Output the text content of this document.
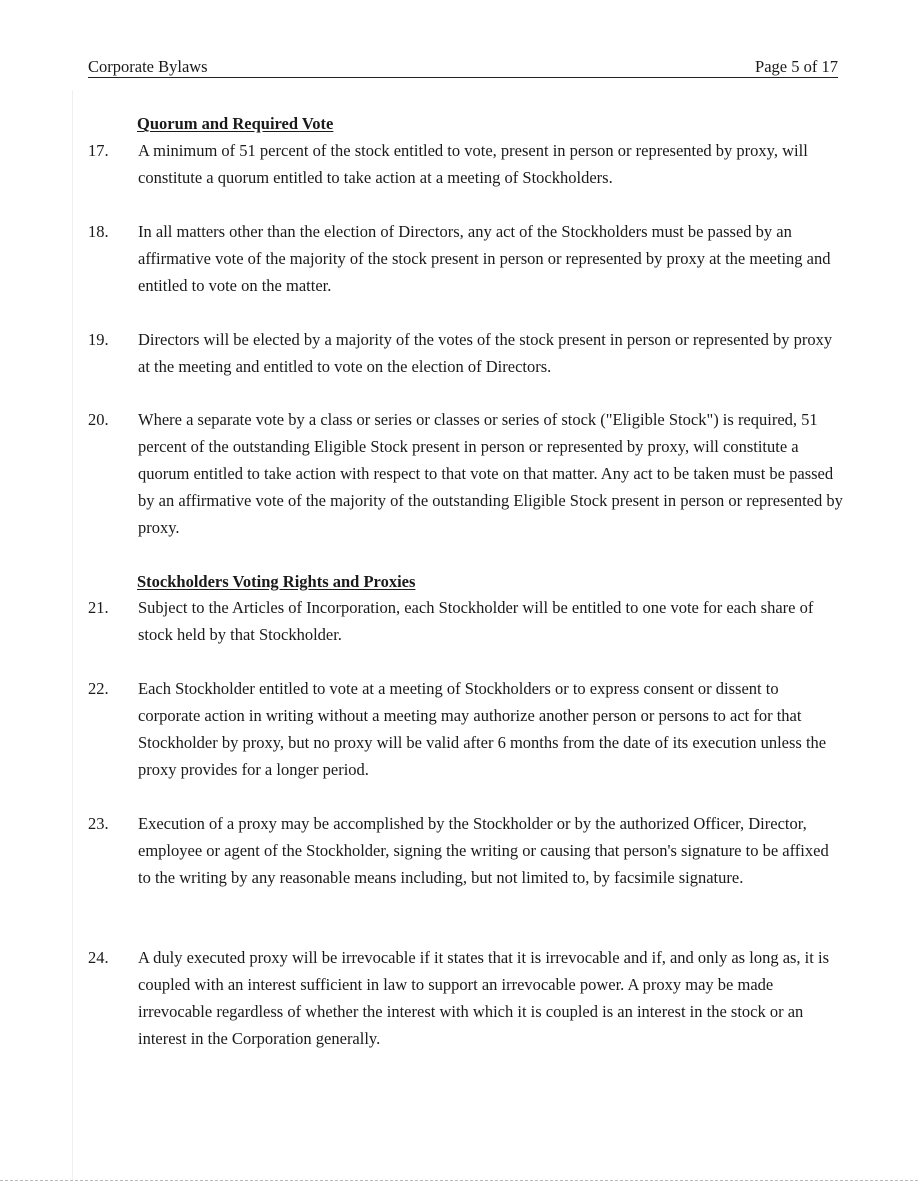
Corporate Bylaws	Page 5 of 17
Quorum and Required Vote
17.	A minimum of 51 percent of the stock entitled to vote, present in person or represented by proxy, will constitute a quorum entitled to take action at a meeting of Stockholders.
18.	In all matters other than the election of Directors, any act of the Stockholders must be passed by an affirmative vote of the majority of the stock present in person or represented by proxy at the meeting and entitled to vote on the matter.
19.	Directors will be elected by a majority of the votes of the stock present in person or represented by proxy at the meeting and entitled to vote on the election of Directors.
20.	Where a separate vote by a class or series or classes or series of stock ("Eligible Stock") is required, 51 percent of the outstanding Eligible Stock present in person or represented by proxy, will constitute a quorum entitled to take action with respect to that vote on that matter. Any act to be taken must be passed by an affirmative vote of the majority of the outstanding Eligible Stock present in person or represented by proxy.
Stockholders Voting Rights and Proxies
21.	Subject to the Articles of Incorporation, each Stockholder will be entitled to one vote for each share of stock held by that Stockholder.
22.	Each Stockholder entitled to vote at a meeting of Stockholders or to express consent or dissent to corporate action in writing without a meeting may authorize another person or persons to act for that Stockholder by proxy, but no proxy will be valid after 6 months from the date of its execution unless the proxy provides for a longer period.
23.	Execution of a proxy may be accomplished by the Stockholder or by the authorized Officer, Director, employee or agent of the Stockholder, signing the writing or causing that person's signature to be affixed to the writing by any reasonable means including, but not limited to, by facsimile signature.
24.	A duly executed proxy will be irrevocable if it states that it is irrevocable and if, and only as long as, it is coupled with an interest sufficient in law to support an irrevocable power. A proxy may be made irrevocable regardless of whether the interest with which it is coupled is an interest in the stock or an interest in the Corporation generally.
